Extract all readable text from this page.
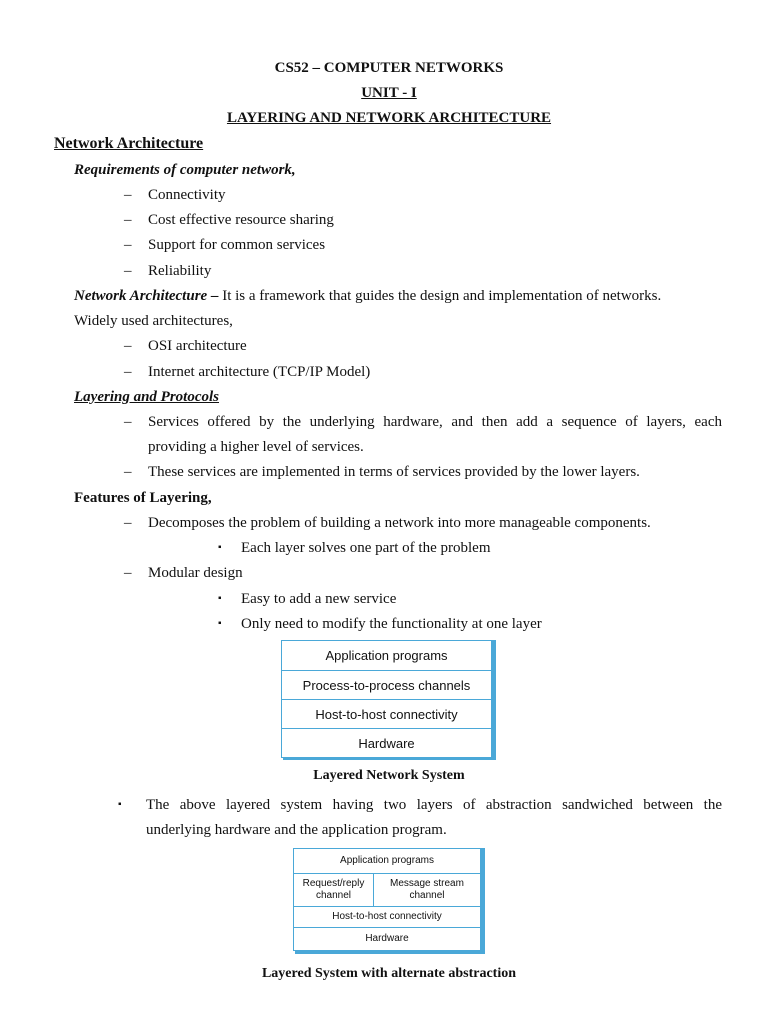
CS52 – COMPUTER NETWORKS
UNIT - I
LAYERING AND NETWORK ARCHITECTURE
Network Architecture
Requirements of computer network,
– Connectivity
– Cost effective resource sharing
– Support for common services
– Reliability
Network Architecture – It is a framework that guides the design and implementation of networks.
Widely used architectures,
– OSI architecture
– Internet architecture (TCP/IP Model)
Layering and Protocols
– Services offered by the underlying hardware, and then add a sequence of layers, each
providing a higher level of services.
– These services are implemented in terms of services provided by the lower layers.
Features of Layering,
– Decomposes the problem of building a network into more manageable components.
▪ Each layer solves one part of the problem
– Modular design
▪ Easy to add a new service
▪ Only need to modify the functionality at one layer
Application programs
Process-to-process channels
Host-to-host connectivity
Hardware
Layered Network System
▪ The above layered system having two layers of abstraction sandwiched between the
underlying hardware and the application program.
Application programs
Request/reply
channel
Message stream
channel
Host-to-host connectivity
Hardware
Layered System with alternate abstraction
